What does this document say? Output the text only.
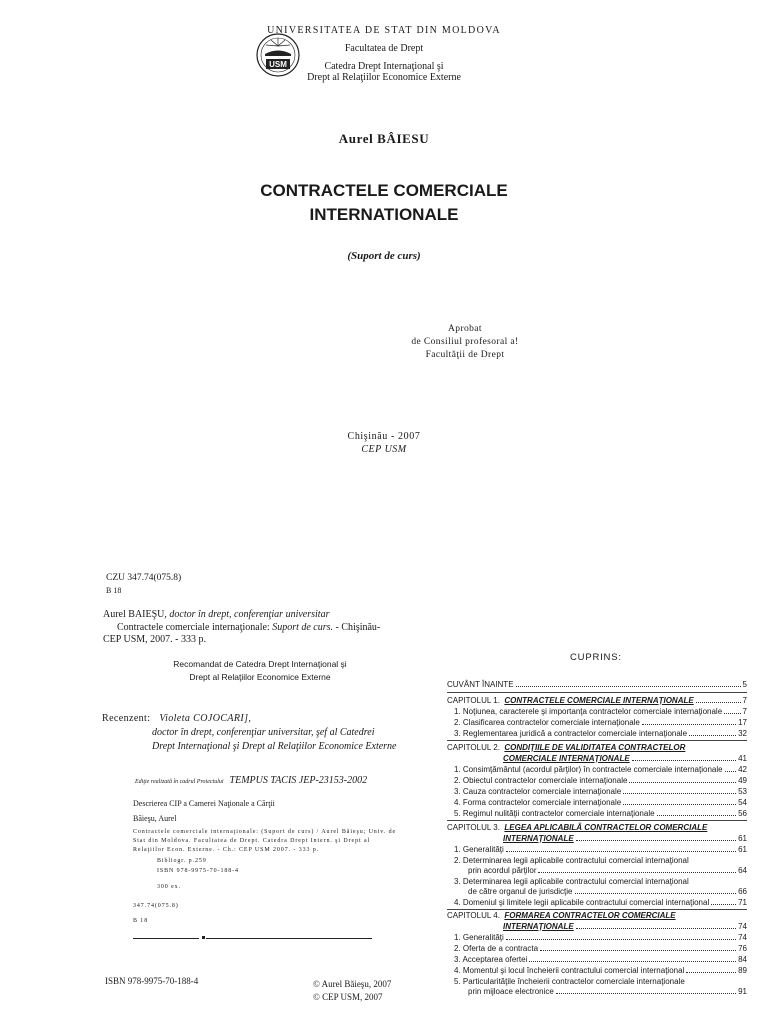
UNIVERSITATEA DE STAT DIN MOLDOVA
USM
Facultatea de Drept
Catedra Drept Internaţional şi
Drept al Relaţiilor Economice Externe
Aurel BÂIESU
CONTRACTELE COMERCIALE
INTERNATIONALE
(Suport de curs)
Aprobat
de Consiliul profesoral a!
Facultăţii de Drept
Chişinău - 2007
CEP USM
CZU 347.74(075.8)
B 18
Aurel BAIEŞU, doctor în drept, conferenţiar universitar
Contractele comerciale internaţionale: Suport de curs. - Chişinău-
CEP USM, 2007. - 333 p.
Recomandat de Catedra Drept Internaţional şi
Drept al Relaţiilor Economice Externe
Recenzent: Violeta COJOCARI],
doctor în drept, conferenţiar universitar, şef al Catedrei
Drept Internaţional şi Drept al Relaţiilor Economice Externe
Ediţie realizată în cadrul Proiectului TEMPUS TACIS JEP-23153-2002
Descrierea CIP a Camerei Naţionale a Cărţii
Băieşu, Aurel
Contractele comerciale internaţionale: (Suport de curs) / Aurel Băieşu; Univ. de Stat din Moldova. Facultatea de Drept. Catedra Drept Intern. şi Drept al Relaţiilor Econ. Externe. - Ch.: CEP USM 2007. - 333 p.
Bibliogr. p.259
ISBN 978-9975-70-188-4
300 ex.
347.74(075.8)
B 18
ISBN 978-9975-70-188-4	© Aurel Băieşu, 2007
© CEP USM, 2007
CUPRINS:
CUVÂNT ÎNAINTE	5
CAPITOLUL 1.
CONTRACTELE COMERCIALE INTERNAŢIONALE	7
1. Noţiunea, caracterele şi importanţa contractelor comerciale internaţionale	7
2. Clasificarea contractelor comerciale internaţionale	17
3. Reglementarea juridică a contractelor comerciale internaţionale	32
CAPITOLUL 2. CONDIŢIILE DE VALIDITATEA CONTRACTELOR
COMERCIALE INTERNAŢIONALE	41
1. Consimţământul (acordul părţilor) în contractele comerciale internaţionale 42
2. Obiectul contractelor comerciale internaţionale	49
3. Cauza contractelor comerciale internaţionale	53
4. Forma contractelor comerciale internaţionale	54
5. Regimul nulităţii contractelor comerciale internaţionale	56
CAPITOLUL 3. LEGEA APLICABILĂ CONTRACTELOR COMERCIALE
INTERNAŢIONALE	61
1. Generalităţi	61
2. Determinarea legii aplicabile contractului comercial internaţional
prin acordul părţilor	64
3. Determinarea legii aplicabile contractului comercial internaţional
de către organul de jurisdicţie	66
4. Domeniul şi limitele legii aplicabile contractului comercial internaţional	71
CAPITOLUL 4. FORMAREA CONTRACTELOR COMERCIALE
INTERNAŢIONALE	74
1. Generalităţi	74
2. Oferta de a contracta	76
3. Acceptarea ofertei	84
4. Momentul şi locul încheierii contractului comercial internaţional	89
5. Particularităţile încheierii contractelor comerciale internaţionale
prin mijloace electronice	91
